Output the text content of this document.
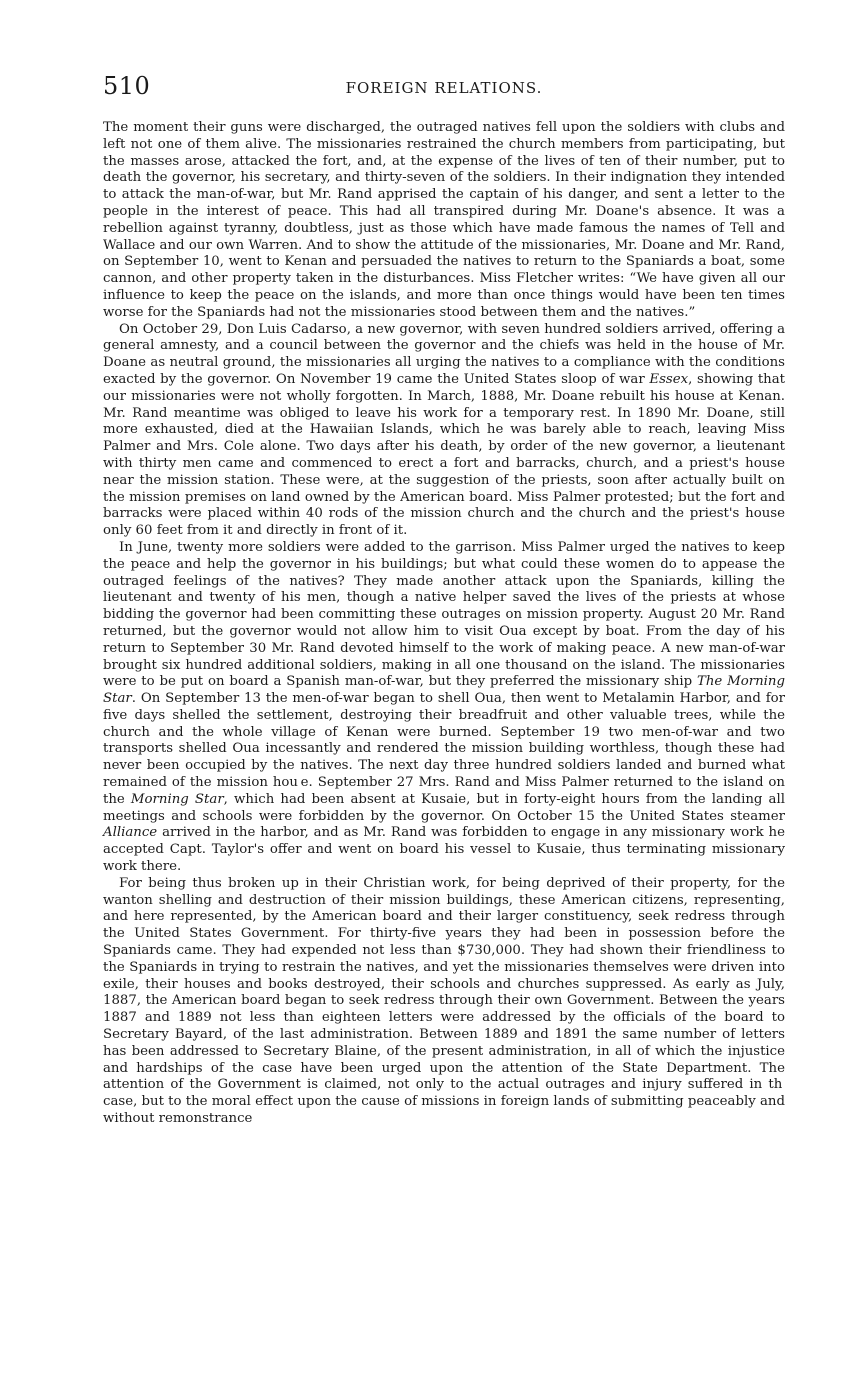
510	FOREIGN RELATIONS.

The moment their guns were discharged, the outraged natives fell upon the soldiers with clubs and left not one of them alive. The missionaries restrained the church members from participating, but the masses arose, attacked the fort, and, at the expense of the lives of ten of their number, put to death the governor, his secretary, and thirty-seven of the soldiers. In their indignation they intended to attack the man-of-war, but Mr. Rand apprised the captain of his danger, and sent a letter to the people in the interest of peace. This had all transpired during Mr. Doane's absence. It was a rebellion against tyranny, doubtless, just as those which have made famous the names of Tell and Wallace and our own Warren. And to show the attitude of the missionaries, Mr. Doane and Mr. Rand, on September 10, went to Kenan and persuaded the natives to return to the Spaniards a boat, some cannon, and other property taken in the disturbances. Miss Fletcher writes: “We have given all our influence to keep the peace on the islands, and more than once things would have been ten times worse for the Spaniards had not the missionaries stood between them and the natives.”

On October 29, Don Luis Cadarso, a new governor, with seven hundred soldiers arrived, offering a general amnesty, and a council between the governor and the chiefs was held in the house of Mr. Doane as neutral ground, the missionaries all urging the natives to a compliance with the conditions exacted by the governor. On November 19 came the United States sloop of war Essex, showing that our missionaries were not wholly forgotten. In March, 1888, Mr. Doane rebuilt his house at Kenan. Mr. Rand meantime was obliged to leave his work for a temporary rest. In 1890 Mr. Doane, still more exhausted, died at the Hawaiian Islands, which he was barely able to reach, leaving Miss Palmer and Mrs. Cole alone. Two days after his death, by order of the new governor, a lieutenant with thirty men came and commenced to erect a fort and barracks, church, and a priest's house near the mission station. These were, at the suggestion of the priests, soon after actually built on the mission premises on land owned by the American board. Miss Palmer protested; but the fort and barracks were placed within 40 rods of the mission church and the church and the priest's house only 60 feet from it and directly in front of it.

In June, twenty more soldiers were added to the garrison. Miss Palmer urged the natives to keep the peace and help the governor in his buildings; but what could these women do to appease the outraged feelings of the natives? They made another attack upon the Spaniards, killing the lieutenant and twenty of his men, though a native helper saved the lives of the priests at whose bidding the governor had been committing these outrages on mission property. August 20 Mr. Rand returned, but the governor would not allow him to visit Oua except by boat. From the day of his return to September 30 Mr. Rand devoted himself to the work of making peace. A new man-of-war brought six hundred additional soldiers, making in all one thousand on the island. The missionaries were to be put on board a Spanish man-of-war, but they preferred the missionary ship The Morning Star. On September 13 the men-of-war began to shell Oua, then went to Metalamin Harbor, and for five days shelled the settlement, destroying their breadfruit and other valuable trees, while the church and the whole village of Kenan were burned. September 19 two men-of-war and two transports shelled Oua incessantly and rendered the mission building worthless, though these had never been occupied by the natives. The next day three hundred soldiers landed and burned what remained of the mission hou e. September 27 Mrs. Rand and Miss Palmer returned to the island on the Morning Star, which had been absent at Kusaie, but in forty-eight hours from the landing all meetings and schools were forbidden by the governor. On October 15 the United States steamer Alliance arrived in the harbor, and as Mr. Rand was forbidden to engage in any missionary work he accepted Capt. Taylor's offer and went on board his vessel to Kusaie, thus terminating missionary work there.

For being thus broken up in their Christian work, for being deprived of their property, for the wanton shelling and destruction of their mission buildings, these American citizens, representing, and here represented, by the American board and their larger constituency, seek redress through the United States Government. For thirty-five years they had been in possession before the Spaniards came. They had expended not less than $730,000. They had shown their friendliness to the Spaniards in trying to restrain the natives, and yet the missionaries themselves were driven into exile, their houses and books destroyed, their schools and churches suppressed. As early as July, 1887, the American board began to seek redress through their own Government. Between the years 1887 and 1889 not less than eighteen letters were addressed by the officials of the board to Secretary Bayard, of the last administration. Between 1889 and 1891 the same number of letters has been addressed to Secretary Blaine, of the present administration, in all of which the injustice and hardships of the case have been urged upon the attention of the State Department. The attention of the Government is claimed, not only to the actual outrages and injury suffered in th  case, but to the moral effect upon the cause of missions in foreign lands of submitting peaceably and without remonstrance
